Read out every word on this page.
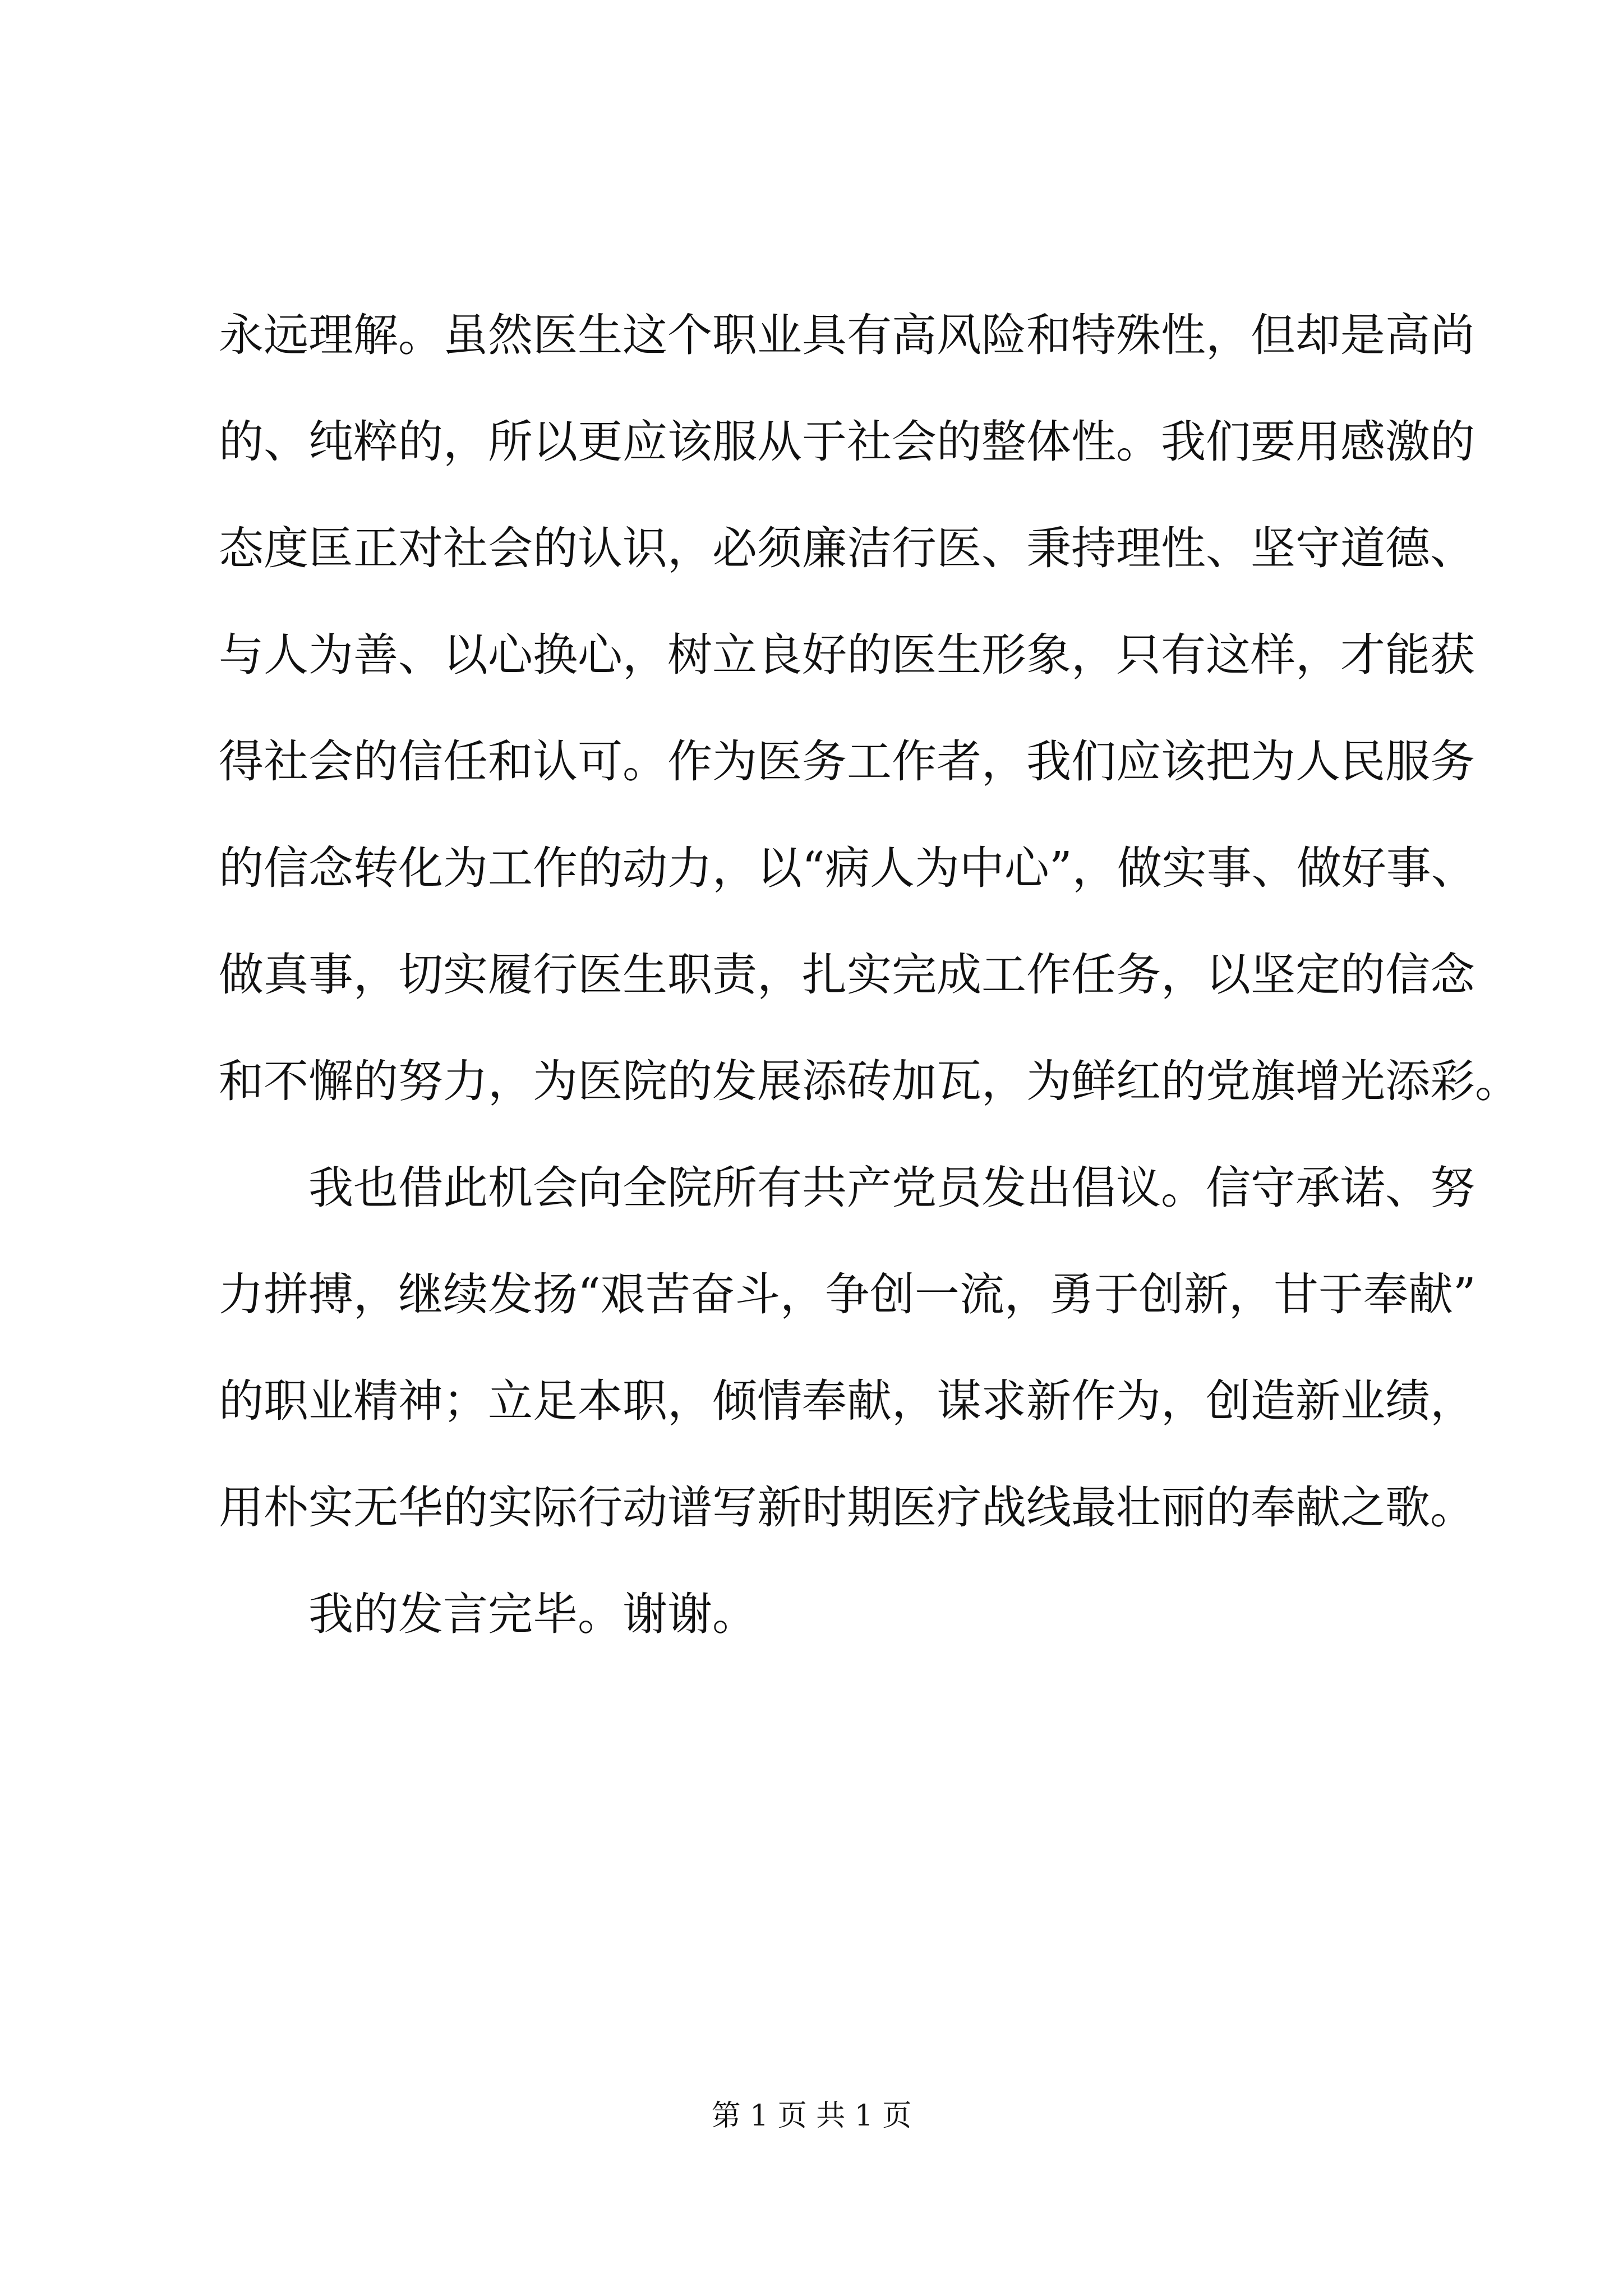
永远理解。虽然医生这个职业具有高风险和特殊性，但却是高尚
的、纯粹的，所以更应该服从于社会的整体性。我们要用感激的
态度匡正对社会的认识，必须廉洁行医、秉持理性、坚守道德、
与人为善、以心换心，树立良好的医生形象，只有这样，才能获
得社会的信任和认可。作为医务工作者，我们应该把为人民服务
的信念转化为工作的动力，以“病人为中心”，做实事、做好事、
做真事，切实履行医生职责，扎实完成工作任务，以坚定的信念
和不懈的努力，为医院的发展添砖加瓦，为鲜红的党旗增光添彩。
　　我也借此机会向全院所有共产党员发出倡议。信守承诺、努
力拼搏，继续发扬“艰苦奋斗，争创一流，勇于创新，甘于奉献”
的职业精神；立足本职，倾情奉献，谋求新作为，创造新业绩，
用朴实无华的实际行动谱写新时期医疗战线最壮丽的奉献之歌。
　　我的发言完毕。谢谢。
第 1 页 共 1 页
